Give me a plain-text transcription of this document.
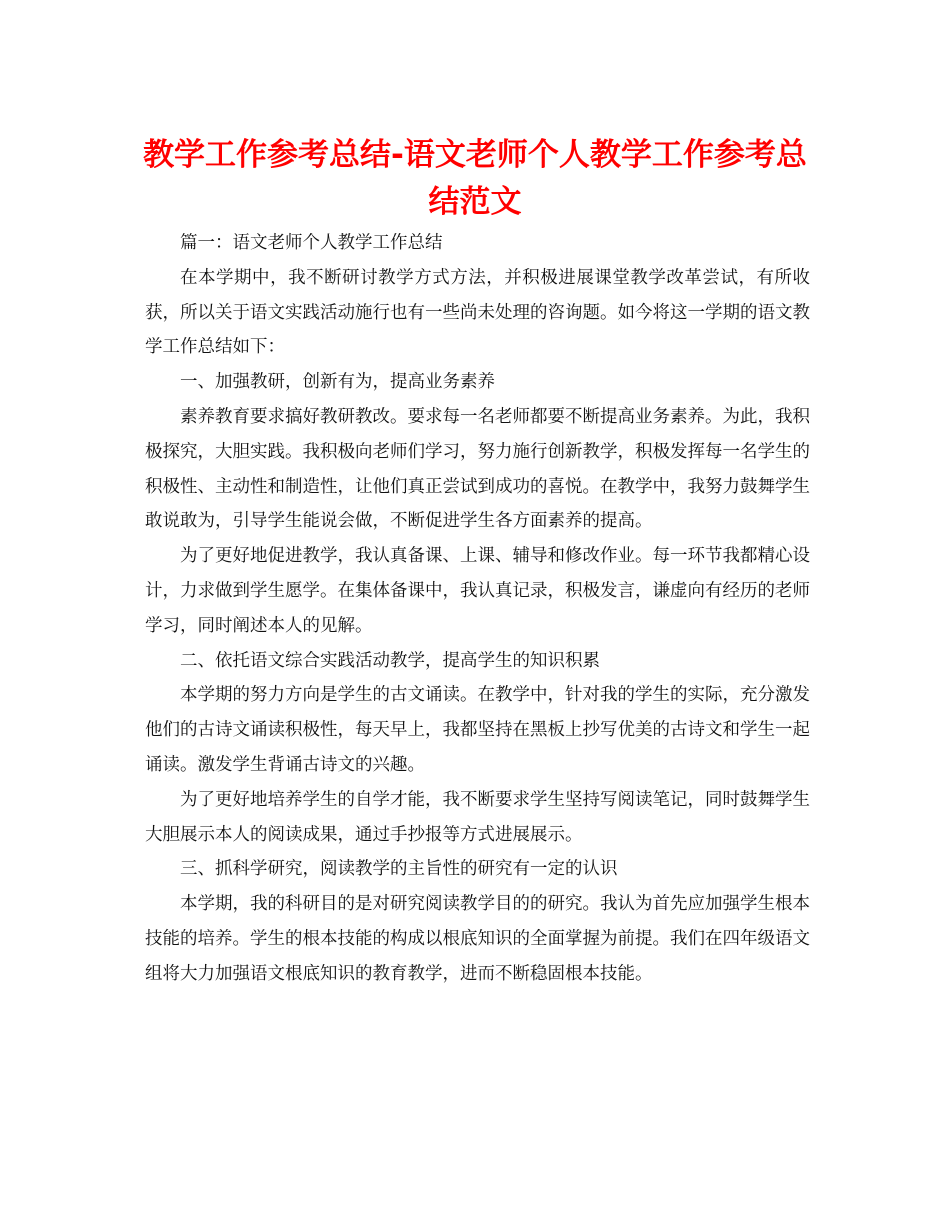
教学工作参考总结-语文老师个人教学工作参考总结范文

篇一：语文老师个人教学工作总结

在本学期中，我不断研讨教学方式方法，并积极进展课堂教学改革尝试，有所收获，所以关于语文实践活动施行也有一些尚未处理的咨询题。如今将这一学期的语文教学工作总结如下：

一、加强教研，创新有为，提高业务素养

素养教育要求搞好教研教改。要求每一名老师都要不断提高业务素养。为此，我积极探究，大胆实践。我积极向老师们学习，努力施行创新教学，积极发挥每一名学生的积极性、主动性和制造性，让他们真正尝试到成功的喜悦。在教学中，我努力鼓舞学生敢说敢为，引导学生能说会做，不断促进学生各方面素养的提高。

为了更好地促进教学，我认真备课、上课、辅导和修改作业。每一环节我都精心设计，力求做到学生愿学。在集体备课中，我认真记录，积极发言，谦虚向有经历的老师学习，同时阐述本人的见解。

二、依托语文综合实践活动教学，提高学生的知识积累

本学期的努力方向是学生的古文诵读。在教学中，针对我的学生的实际，充分激发他们的古诗文诵读积极性，每天早上，我都坚持在黑板上抄写优美的古诗文和学生一起诵读。激发学生背诵古诗文的兴趣。

为了更好地培养学生的自学才能，我不断要求学生坚持写阅读笔记，同时鼓舞学生大胆展示本人的阅读成果，通过手抄报等方式进展展示。

三、抓科学研究，阅读教学的主旨性的研究有一定的认识

本学期，我的科研目的是对研究阅读教学目的的研究。我认为首先应加强学生根本技能的培养。学生的根本技能的构成以根底知识的全面掌握为前提。我们在四年级语文组将大力加强语文根底知识的教育教学，进而不断稳固根本技能。
